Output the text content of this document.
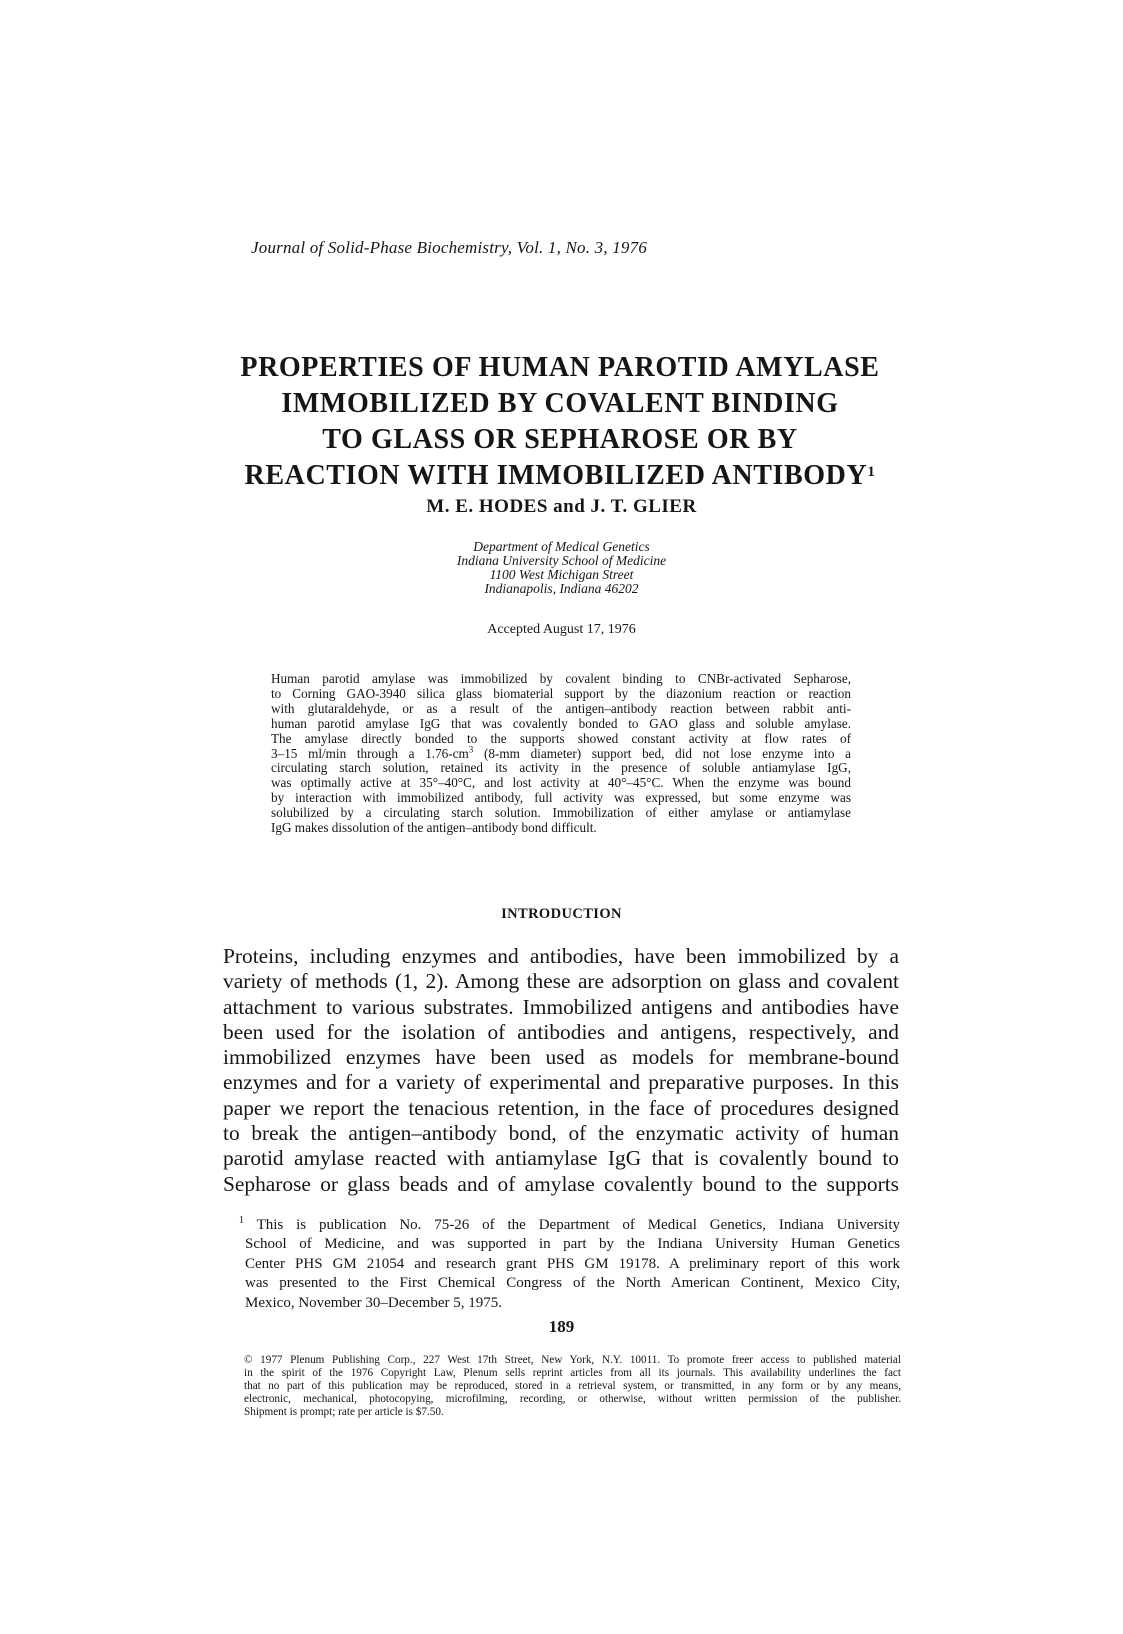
Journal of Solid-Phase Biochemistry, Vol. 1, No. 3, 1976
PROPERTIES OF HUMAN PAROTID AMYLASE
IMMOBILIZED BY COVALENT BINDING
TO GLASS OR SEPHAROSE OR BY
REACTION WITH IMMOBILIZED ANTIBODY$^1$
M. E. HODES and J. T. GLIER
Department of Medical Genetics
Indiana University School of Medicine
1100 West Michigan Street
Indianapolis, Indiana 46202
Accepted August 17, 1976
Human parotid amylase was immobilized by covalent binding to CNBr-activated Sepharose,
to Corning GAO-3940 silica glass biomaterial support by the diazonium reaction or reaction
with glutaraldehyde, or as a result of the antigen–antibody reaction between rabbit anti-
human parotid amylase IgG that was covalently bonded to GAO glass and soluble amylase.
The amylase directly bonded to the supports showed constant activity at flow rates of
3–15 ml/min through a $1.76-cm^3$ (8-mm diameter) support bed, did not lose enzyme into a
circulating starch solution, retained its activity in the presence of soluble antiamylase IgG,
was optimally active at 35°–40°C, and lost activity at 40°–45°C. When the enzyme was bound
by interaction with immobilized antibody, full activity was expressed, but some enzyme was
solubilized by a circulating starch solution. Immobilization of either amylase or antiamylase
IgG makes dissolution of the antigen–antibody bond difficult.
INTRODUCTION
Proteins, including enzymes and antibodies, have been immobilized by a
variety of methods (1, 2). Among these are adsorption on glass and covalent
attachment to various substrates. Immobilized antigens and antibodies have
been used for the isolation of antibodies and antigens, respectively, and
immobilized enzymes have been used as models for membrane-bound
enzymes and for a variety of experimental and preparative purposes. In this
paper we report the tenacious retention, in the face of procedures designed
to break the antigen–antibody bond, of the enzymatic activity of human
parotid amylase reacted with antiamylase IgG that is covalently bound to
Sepharose or glass beads and of amylase covalently bound to the supports
$^1$ This is publication No. 75-26 of the Department of Medical Genetics, Indiana University
School of Medicine, and was supported in part by the Indiana University Human Genetics
Center PHS GM 21054 and research grant PHS GM 19178. A preliminary report of this work
was presented to the First Chemical Congress of the North American Continent, Mexico City,
Mexico, November 30–December 5, 1975.
189
© 1977 Plenum Publishing Corp., 227 West 17th Street, New York, N.Y. 10011. To promote freer access to published material
in the spirit of the 1976 Copyright Law, Plenum sells reprint articles from all its journals. This availability underlines the fact
that no part of this publication may be reproduced, stored in a retrieval system, or transmitted, in any form or by any means,
electronic, mechanical, photocopying, microfilming, recording, or otherwise, without written permission of the publisher.
Shipment is prompt; rate per article is $7.50.
